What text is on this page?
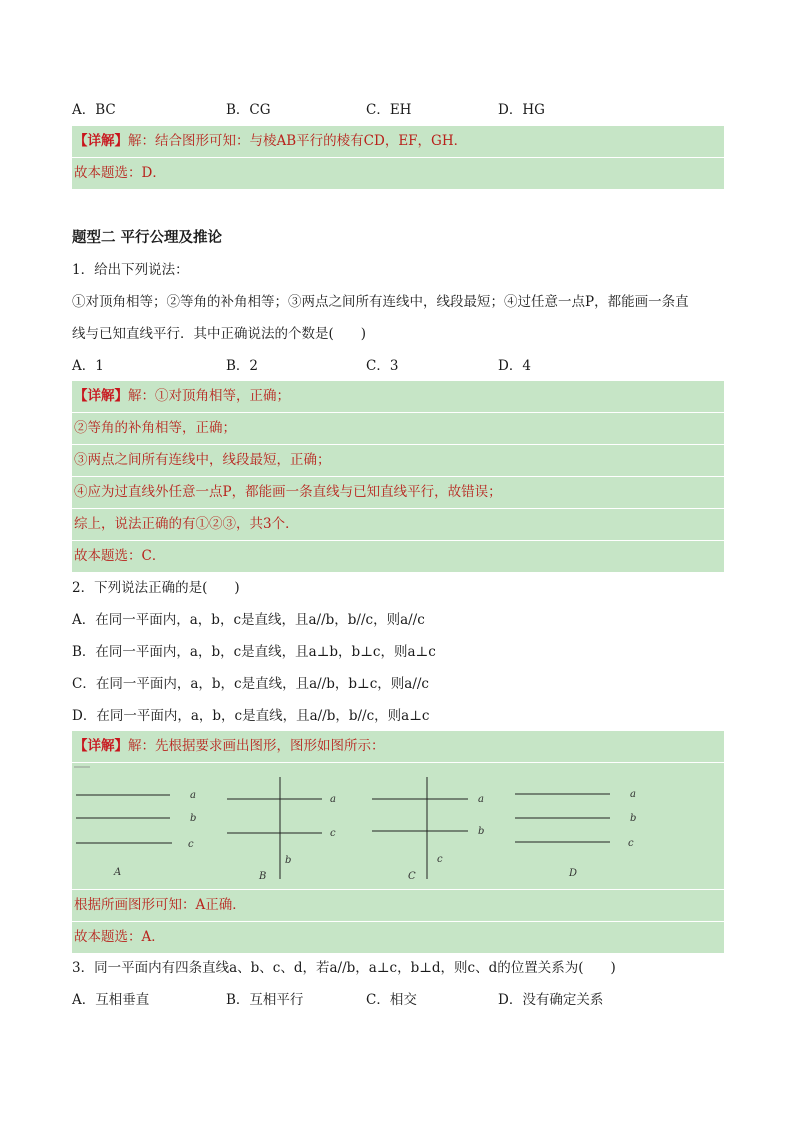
A．BC	B．CG	C．EH	D．HG
【详解】解：结合图形可知：与棱AB平行的棱有CD，EF，GH．
故本题选：D．
题型二 平行公理及推论
1．给出下列说法：
①对顶角相等；②等角的补角相等；③两点之间所有连线中，线段最短；④过任意一点P，都能画一条直
线与已知直线平行．其中正确说法的个数是(　　)
A．1	B．2	C．3	D．4
【详解】解：①对顶角相等，正确；
②等角的补角相等，正确；
③两点之间所有连线中，线段最短，正确；
④应为过直线外任意一点P，都能画一条直线与已知直线平行，故错误；
综上，说法正确的有①②③，共3个．
故本题选：C．
2．下列说法正确的是(　　)
A．在同一平面内，a，b，c是直线，且a//b，b//c，则a//c
B．在同一平面内，a，b，c是直线，且a⊥b，b⊥c，则a⊥c
C．在同一平面内，a，b，c是直线，且a//b，b⊥c，则a//c
D．在同一平面内，a，b，c是直线，且a//b，b//c，则a⊥c
【详解】解：先根据要求画出图形，图形如图所示：
a
b
c
A
a
c
b
B
a
b
c
C
a
b
c
D
根据所画图形可知：A正确．
故本题选：A．
3．同一平面内有四条直线a、b、c、d，若a//b，a⊥c，b⊥d，则c、d的位置关系为(　　)
A．互相垂直	B．互相平行	C．相交	D．没有确定关系
